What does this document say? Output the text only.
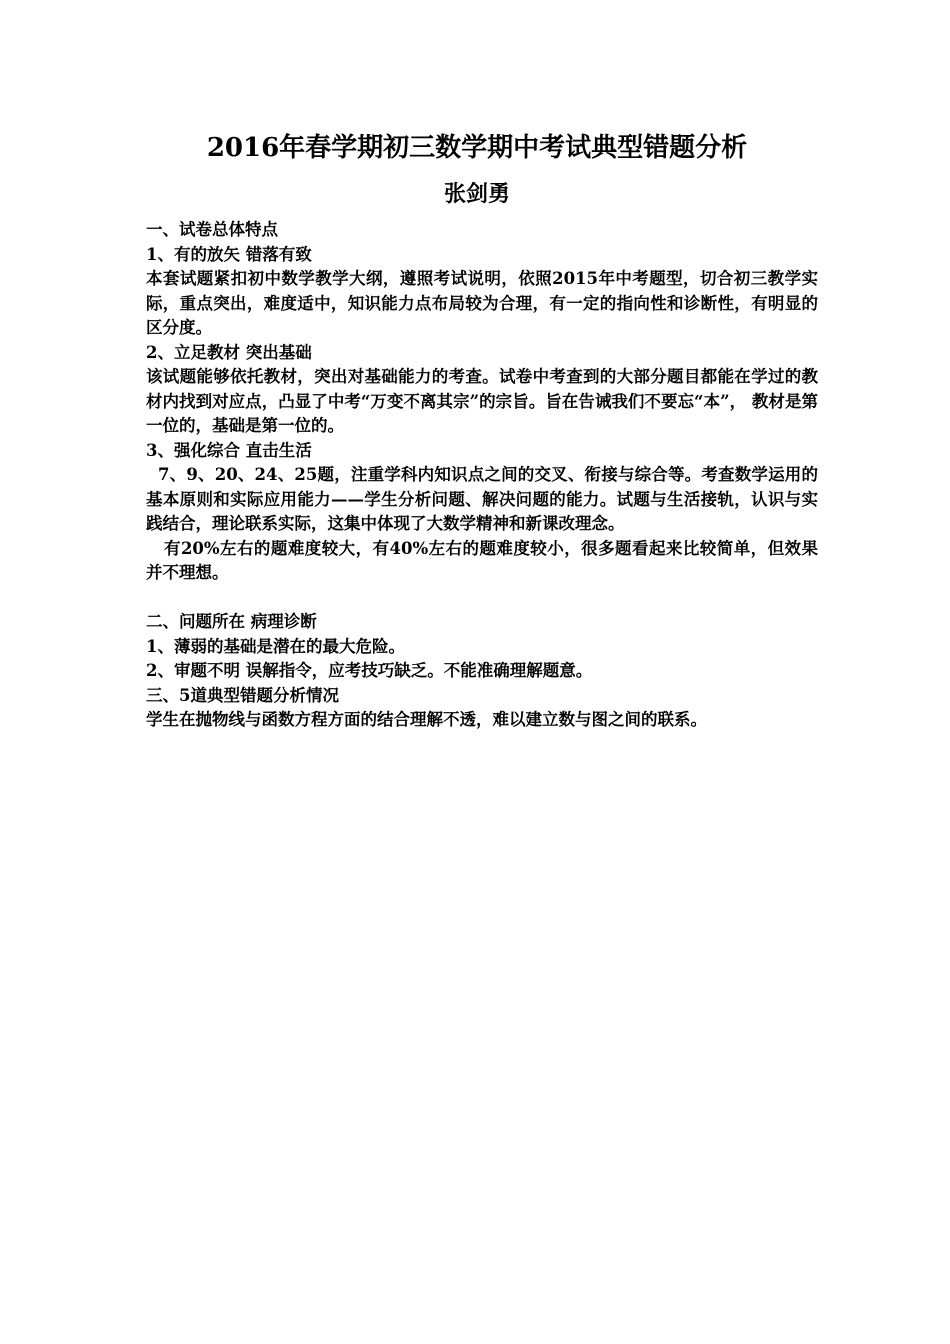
2016年春学期初三数学期中考试典型错题分析
张剑勇

一、试卷总体特点

1、有的放矢 错落有致

本套试题紧扣初中数学教学大纲，遵照考试说明，依照2015年中考题型，切合初三教学实际，重点突出，难度适中，知识能力点布局较为合理，有一定的指向性和诊断性，有明显的区分度。

2、立足教材 突出基础

该试题能够依托教材，突出对基础能力的考查。试卷中考查到的大部分题目都能在学过的教材内找到对应点，凸显了中考“万变不离其宗”的宗旨。旨在告诫我们不要忘“本”， 教材是第一位的，基础是第一位的。

3、强化综合 直击生活

7、9、20、24、25题，注重学科内知识点之间的交叉、衔接与综合等。考查数学运用的基本原则和实际应用能力——学生分析问题、解决问题的能力。试题与生活接轨，认识与实践结合，理论联系实际，这集中体现了大数学精神和新课改理念。

有20%左右的题难度较大，有40%左右的题难度较小，很多题看起来比较简单，但效果并不理想。

二、问题所在 病理诊断

1、薄弱的基础是潜在的最大危险。

2、审题不明 误解指令，应考技巧缺乏。不能准确理解题意。

三、5道典型错题分析情况

学生在抛物线与函数方程方面的结合理解不透，难以建立数与图之间的联系。
